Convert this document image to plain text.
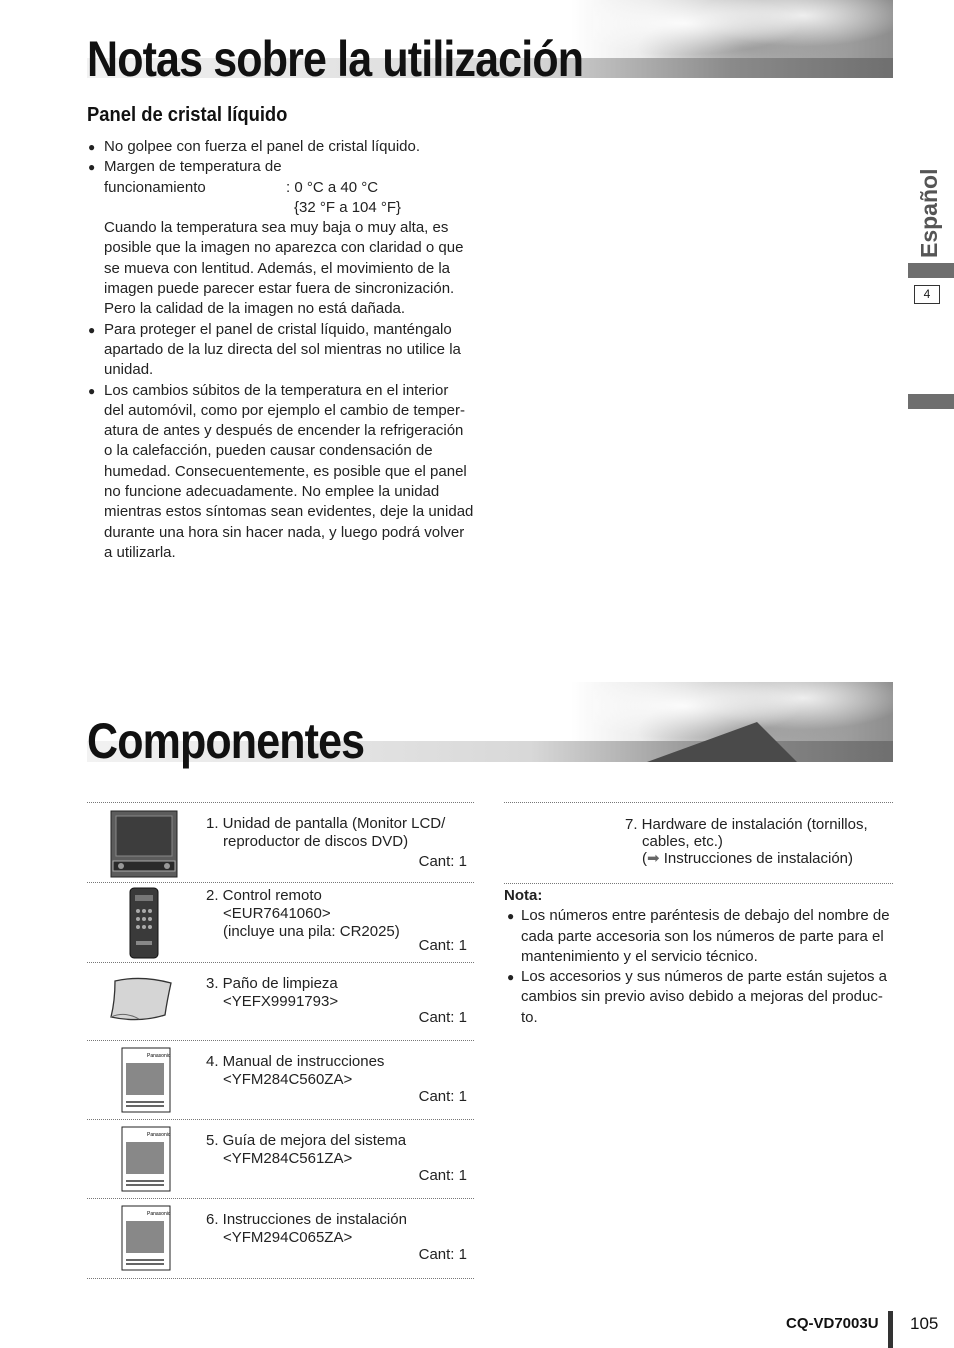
Notas sobre la utilización
Panel de cristal líquido
● No golpee con fuerza el panel de cristal líquido.
● Margen de temperatura de
funcionamiento	: 0 °C a 40 °C
{32 °F a 104 °F}
Cuando la temperatura sea muy baja o muy alta, es
posible que la imagen no aparezca con claridad o que
se mueva con lentitud. Además, el movimiento de la
imagen puede parecer estar fuera de sincronización.
Pero la calidad de la imagen no está dañada.
● Para proteger el panel de cristal líquido, manténgalo
apartado de la luz directa del sol mientras no utilice la
unidad.
● Los cambios súbitos de la temperatura en el interior
del automóvil, como por ejemplo el cambio de temper-
atura de antes y después de encender la refrigeración
o la calefacción, pueden causar condensación de
humedad. Consecuentemente, es posible que el panel
no funcione adecuadamente. No emplee la unidad
mientras estos síntomas sean evidentes, deje la unidad
durante una hora sin hacer nada, y luego podrá volver
a utilizarla.
Español
4
Componentes
1. Unidad de pantalla (Monitor LCD/
reproductor de discos DVD)
Cant: 1
2. Control remoto
<EUR7641060>
(incluye una pila: CR2025)
Cant: 1
3. Paño de limpieza
<YEFX9991793>
Cant: 1
Panasonic 4. Manual de instrucciones
<YFM284C560ZA>
Cant: 1
Panasonic 5. Guía de mejora del sistema
<YFM284C561ZA>
Cant: 1
Panasonic 6. Instrucciones de instalación
<YFM294C065ZA>
Cant: 1
7. Hardware de instalación (tornillos,
cables, etc.)
(➡ Instrucciones de instalación)
Nota:
● Los números entre paréntesis de debajo del nombre de
cada parte accesoria son los números de parte para el
mantenimiento y el servicio técnico.
● Los accesorios y sus números de parte están sujetos a
cambios sin previo aviso debido a mejoras del produc-
to.
CQ-VD7003U 105
